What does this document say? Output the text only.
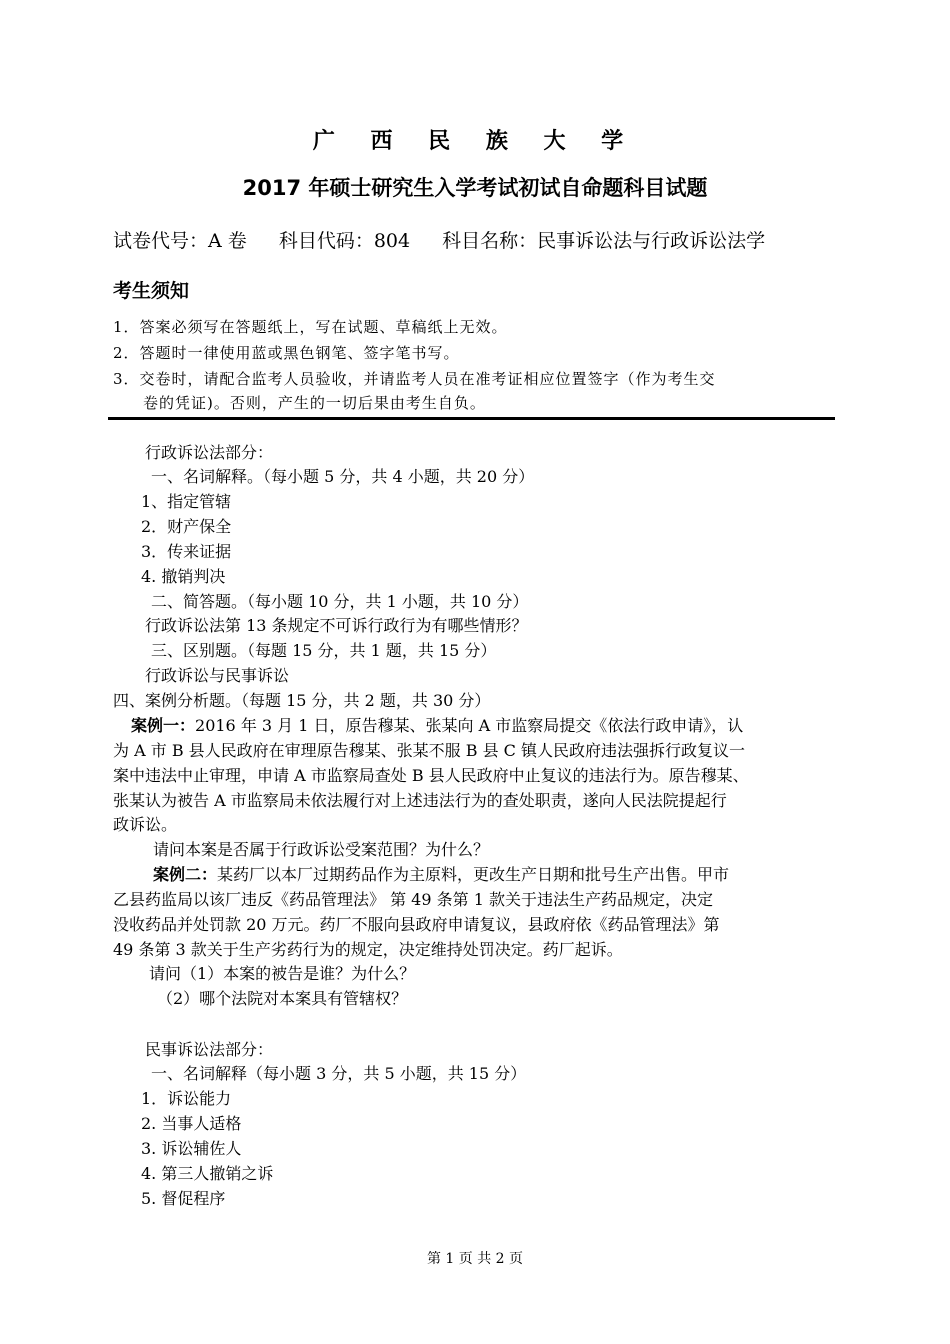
广 西 民 族 大 学
2017 年硕士研究生入学考试初试自命题科目试题
试卷代号：A 卷 科目代码：804 科目名称：民事诉讼法与行政诉讼法学
考生须知
1．答案必须写在答题纸上，写在试题、草稿纸上无效。
2．答题时一律使用蓝或黑色钢笔、签字笔书写。
3．交卷时，请配合监考人员验收，并请监考人员在准考证相应位置签字（作为考生交
卷的凭证)。否则，产生的一切后果由考生自负。
行政诉讼法部分：
一、名词解释。（每小题 5 分，共 4 小题，共 20 分）
1、指定管辖
2．财产保全
3．传来证据
4. 撤销判决
二、简答题。（每小题 10 分，共 1 小题，共 10 分）
行政诉讼法第 13 条规定不可诉行政行为有哪些情形？
三、区别题。（每题 15 分，共 1 题，共 15 分）
行政诉讼与民事诉讼
四、案例分析题。（每题 15 分，共 2 题，共 30 分）
案例一：2016 年 3 月 1 日，原告穆某、张某向 A 市监察局提交《依法行政申请》，认
为 A 市 B 县人民政府在审理原告穆某、张某不服 B 县 C 镇人民政府违法强拆行政复议一
案中违法中止审理，申请 A 市监察局查处 B 县人民政府中止复议的违法行为。原告穆某、
张某认为被告 A 市监察局未依法履行对上述违法行为的查处职责，遂向人民法院提起行
政诉讼。
请问本案是否属于行政诉讼受案范围？为什么？
案例二：某药厂以本厂过期药品作为主原料，更改生产日期和批号生产出售。甲市
乙县药监局以该厂违反《药品管理法》 第 49 条第 1 款关于违法生产药品规定，决定
没收药品并处罚款 20 万元。药厂不服向县政府申请复议，县政府依《药品管理法》第
49 条第 3 款关于生产劣药行为的规定，决定维持处罚决定。药厂起诉。
请问（1）本案的被告是谁？为什么？
（2）哪个法院对本案具有管辖权？
民事诉讼法部分：
一、名词解释（每小题 3 分，共 5 小题，共 15 分）
1．诉讼能力
2. 当事人适格
3. 诉讼辅佐人
4. 第三人撤销之诉
5. 督促程序
第 1 页 共 2 页
